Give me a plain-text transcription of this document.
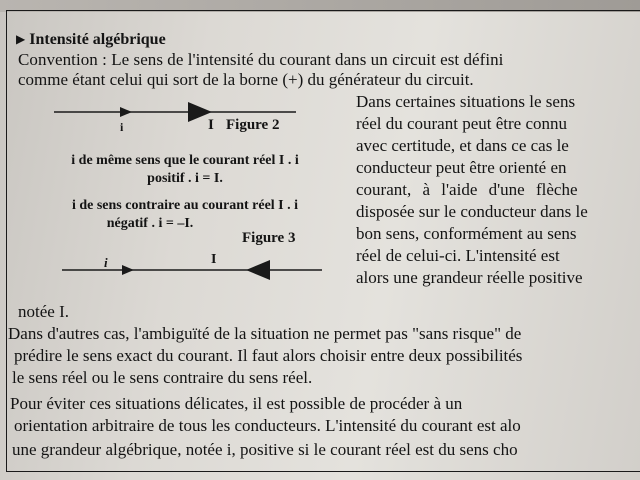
▶ Intensité algébrique
Convention : Le sens de l'intensité du courant dans un circuit est défini
comme étant celui qui sort de la borne (+) du générateur du circuit.
i	I Figure 2
i de même sens que le courant réel I . i
positif . i = I.
i de sens contraire au courant réel I . i
négatif . i = –I.
Figure 3
i	I
Dans certaines situations le sens
réel du courant peut être connu
avec certitude, et dans ce cas le
conducteur peut être orienté en
courant, à l'aide d'une flèche
disposée sur le conducteur dans le
bon sens, conformément au sens
réel de celui-ci. L'intensité est
alors une grandeur réelle positive
notée I.
Dans d'autres cas, l'ambiguïté de la situation ne permet pas "sans risque" de
prédire le sens exact du courant. Il faut alors choisir entre deux possibilités
le sens réel ou le sens contraire du sens réel.
Pour éviter ces situations délicates, il est possible de procéder à un
orientation arbitraire de tous les conducteurs. L'intensité du courant est alo
une grandeur algébrique, notée i, positive si le courant réel est du sens cho
